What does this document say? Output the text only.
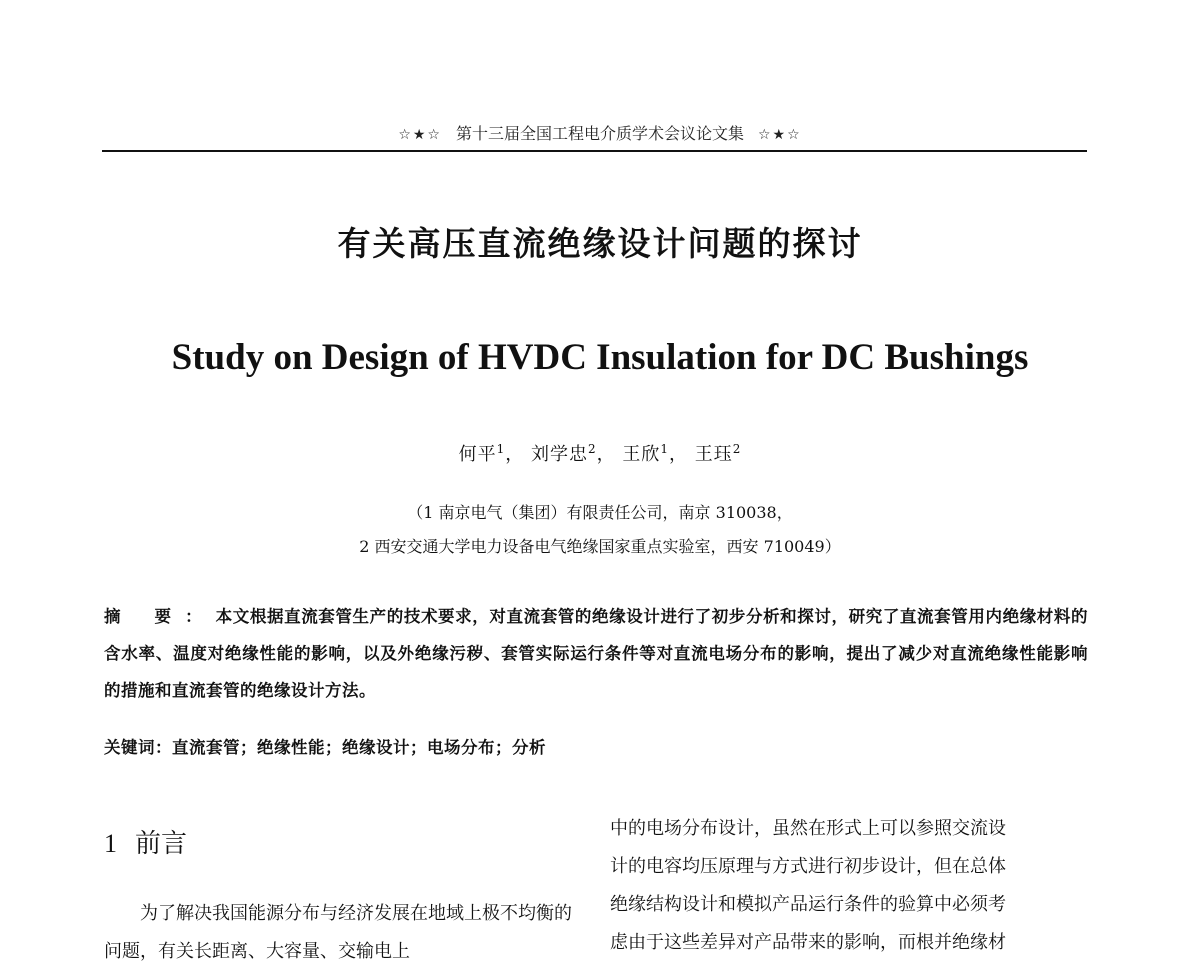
☆★☆ 第十三届全国工程电介质学术会议论文集 ☆★☆
有关高压直流绝缘设计问题的探讨
Study on Design of HVDC Insulation for DC Bushings
何平$^1$， 刘学忠$^2$， 王欣$^1$， 王珏$^2$
（1 南京电气（集团）有限责任公司，南京 310038，
2 西安交通大学电力设备电气绝缘国家重点实验室，西安 710049）
摘 要：本文根据直流套管生产的技术要求，对直流套管的绝缘设计进行了初步分析和探讨，研究了直流套管用内绝缘材料的含水率、温度对绝缘性能的影响，以及外绝缘污秽、套管实际运行条件等对直流电场分布的影响，提出了减少对直流绝缘性能影响的措施和直流套管的绝缘设计方法。
关键词：直流套管；绝缘性能；绝缘设计；电场分布；分析
1 前言

为了解决我国能源分布与经济发展在地域上极不均衡的问题，有关长距离、大容量、交输电上

中的电场分布设计，虽然在形式上可以参照交流设

计的电容均压原理与方式进行初步设计，但在总体

绝缘结构设计和模拟产品运行条件的验算中必须考

虑由于这些差异对产品带来的影响，而根并绝缘材
